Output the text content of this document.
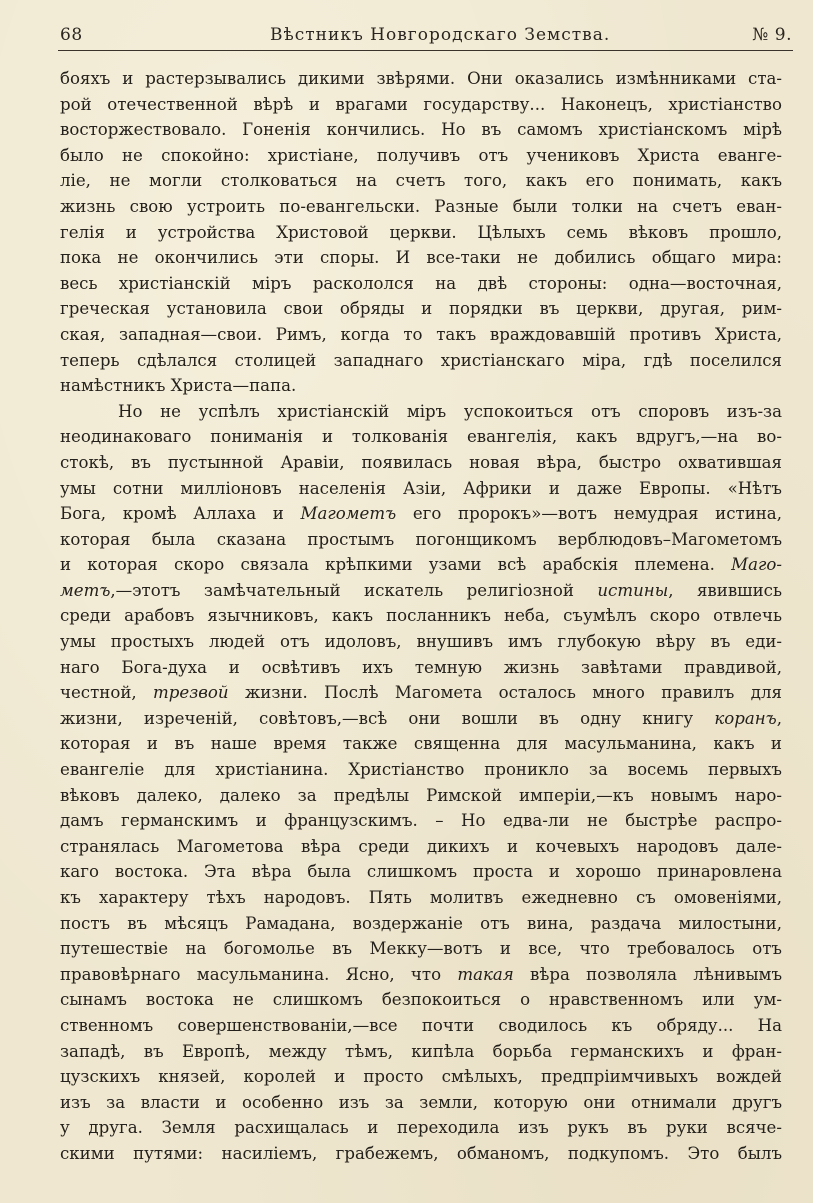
68	Вѣстникъ Новгородскаго Земства.	№ 9.
бояхъ и растерзывались дикими звѣрями. Они оказались измѣнниками ста-
рой отечественной вѣрѣ и врагами государству... Наконецъ, христіанство
восторжествовало. Гоненія кончились. Но въ самомъ христіанскомъ мірѣ
было не спокойно: христіане, получивъ отъ учениковъ Христа еванге-
ліе, не могли столковаться на счетъ того, какъ его понимать, какъ
жизнь свою устроить по-евангельски. Разные были толки на счетъ еван-
гелія и устройства Христовой церкви. Цѣлыхъ семь вѣковъ прошло,
пока не окончились эти споры. И все-таки не добились общаго мира:
весь христіанскій міръ раскололся на двѣ стороны: одна—восточная,
греческая установила свои обряды и порядки въ церкви, другая, рим-
ская, западная—свои. Римъ, когда то такъ враждовавшій противъ Христа,
теперь сдѣлался столицей западнаго христіанскаго міра, гдѣ поселился
намѣстникъ Христа—папа.
Но не успѣлъ христіанскій міръ успокоиться отъ споровъ изъ-за
неодинаковаго пониманія и толкованія евангелія, какъ вдругъ,—на во-
стокѣ, въ пустынной Аравіи, появилась новая вѣра, быстро охватившая
умы сотни милліоновъ населенія Азіи, Африки и даже Европы. «Нѣтъ
Бога, кромѣ Аллаха и Магометъ его пророкъ»—вотъ немудрая истина,
которая была сказана простымъ погонщикомъ верблюдовъ–Магометомъ
и которая скоро связала крѣпкими узами всѣ арабскія племена. Маго-
метъ,—этотъ замѣчательный искатель религіозной истины, явившись
среди арабовъ язычниковъ, какъ посланникъ неба, съумѣлъ скоро отвлечь
умы простыхъ людей отъ идоловъ, внушивъ имъ глубокую вѣру въ еди-
наго Бога-духа и освѣтивъ ихъ темную жизнь завѣтами правдивой,
честной, трезвой жизни. Послѣ Магомета осталось много правилъ для
жизни, изреченій, совѣтовъ,—всѣ они вошли въ одну книгу коранъ,
которая и въ наше время также священна для масульманина, какъ и
евангеліе для христіанина. Христіанство проникло за восемь первыхъ
вѣковъ далеко, далеко за предѣлы Римской имперіи,—къ новымъ наро-
дамъ германскимъ и французскимъ. – Но едва-ли не быстрѣе распро-
странялась Магометова вѣра среди дикихъ и кочевыхъ народовъ дале-
каго востока. Эта вѣра была слишкомъ проста и хорошо принаровлена
къ характеру тѣхъ народовъ. Пять молитвъ ежедневно съ омовеніями,
постъ въ мѣсяцъ Рамадана, воздержаніе отъ вина, раздача милостыни,
путешествіе на богомолье въ Мекку—вотъ и все, что требовалось отъ
правовѣрнаго масульманина. Ясно, что такая вѣра позволяла лѣнивымъ
сынамъ востока не слишкомъ безпокоиться о нравственномъ или ум-
ственномъ совершенствованіи,—все почти сводилось къ обряду... На
западѣ, въ Европѣ, между тѣмъ, кипѣла борьба германскихъ и фран-
цузскихъ князей, королей и просто смѣлыхъ, предпріимчивыхъ вождей
изъ за власти и особенно изъ за земли, которую они отнимали другъ
у друга. Земля расхищалась и переходила изъ рукъ въ руки всяче-
скими путями: насиліемъ, грабежемъ, обманомъ, подкупомъ. Это былъ
